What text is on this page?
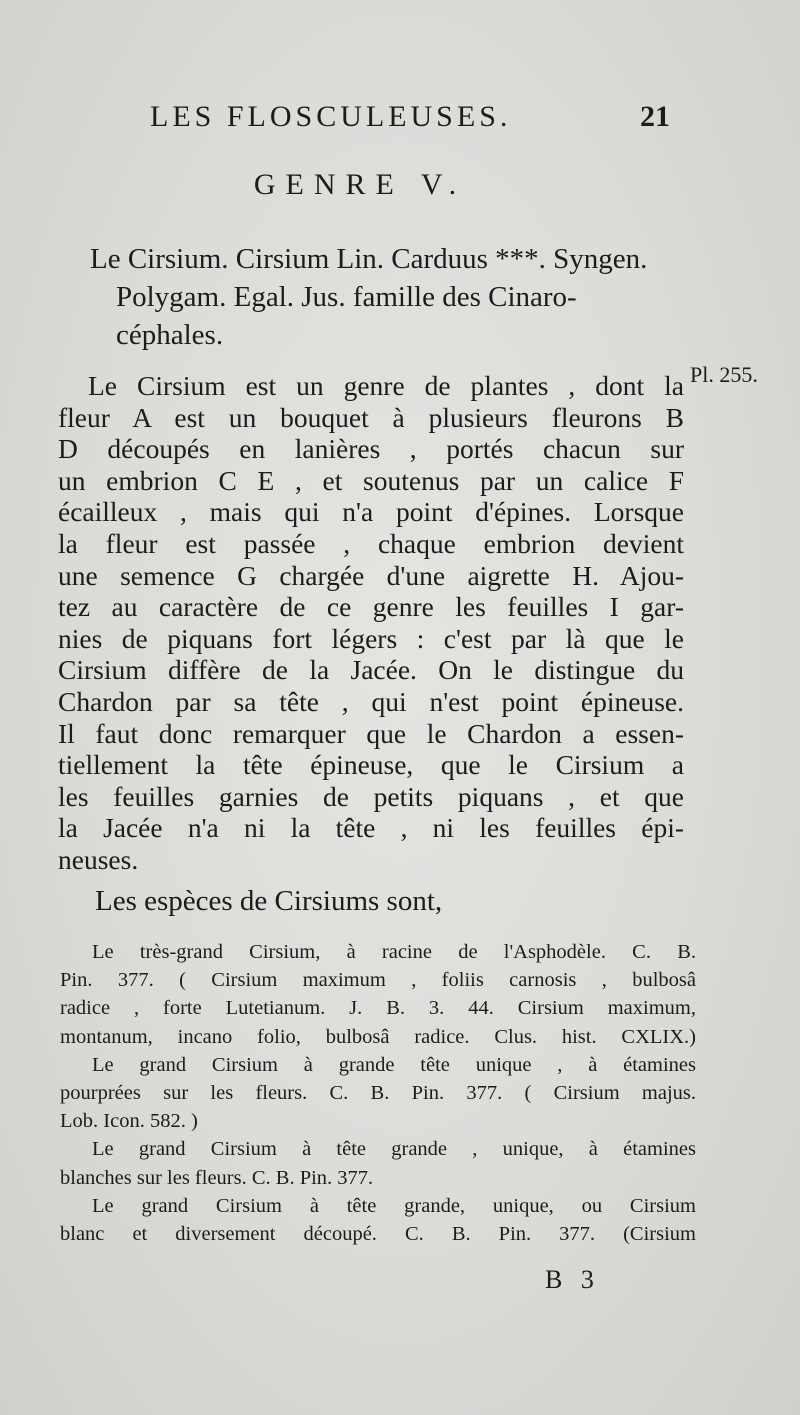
LES FLOSCULEUSES.	21
GENRE V.
Le Cirsium. Cirsium Lin. Carduus ***. Syngen.
Polygam. Egal. Jus. famille des Cinaro-
céphales.
Pl. 255.
Le Cirsium est un genre de plantes , dont la
fleur A est un bouquet à plusieurs fleurons B
D découpés en lanières , portés chacun sur
un embrion C E , et soutenus par un calice F
écailleux , mais qui n'a point d'épines. Lorsque
la fleur est passée , chaque embrion devient
une semence G chargée d'une aigrette H. Ajou-
tez au caractère de ce genre les feuilles I gar-
nies de piquans fort légers : c'est par là que le
Cirsium diffère de la Jacée. On le distingue du
Chardon par sa tête , qui n'est point épineuse.
Il faut donc remarquer que le Chardon a essen-
tiellement la tête épineuse, que le Cirsium a
les feuilles garnies de petits piquans , et que
la Jacée n'a ni la tête , ni les feuilles épi-
neuses.
Les espèces de Cirsiums sont,
Le très-grand Cirsium, à racine de l'Asphodèle. C. B.
Pin. 377. ( Cirsium maximum , foliis carnosis , bulbosâ
radice , forte Lutetianum. J. B. 3. 44. Cirsium maximum,
montanum, incano folio, bulbosâ radice. Clus. hist. CXLIX.)
Le grand Cirsium à grande tête unique , à étamines
pourprées sur les fleurs. C. B. Pin. 377. ( Cirsium majus.
Lob. Icon. 582. )
Le grand Cirsium à tête grande , unique, à étamines
blanches sur les fleurs. C. B. Pin. 377.
Le grand Cirsium à tête grande, unique, ou Cirsium
blanc et diversement découpé. C. B. Pin. 377. (Cirsium
B 3
